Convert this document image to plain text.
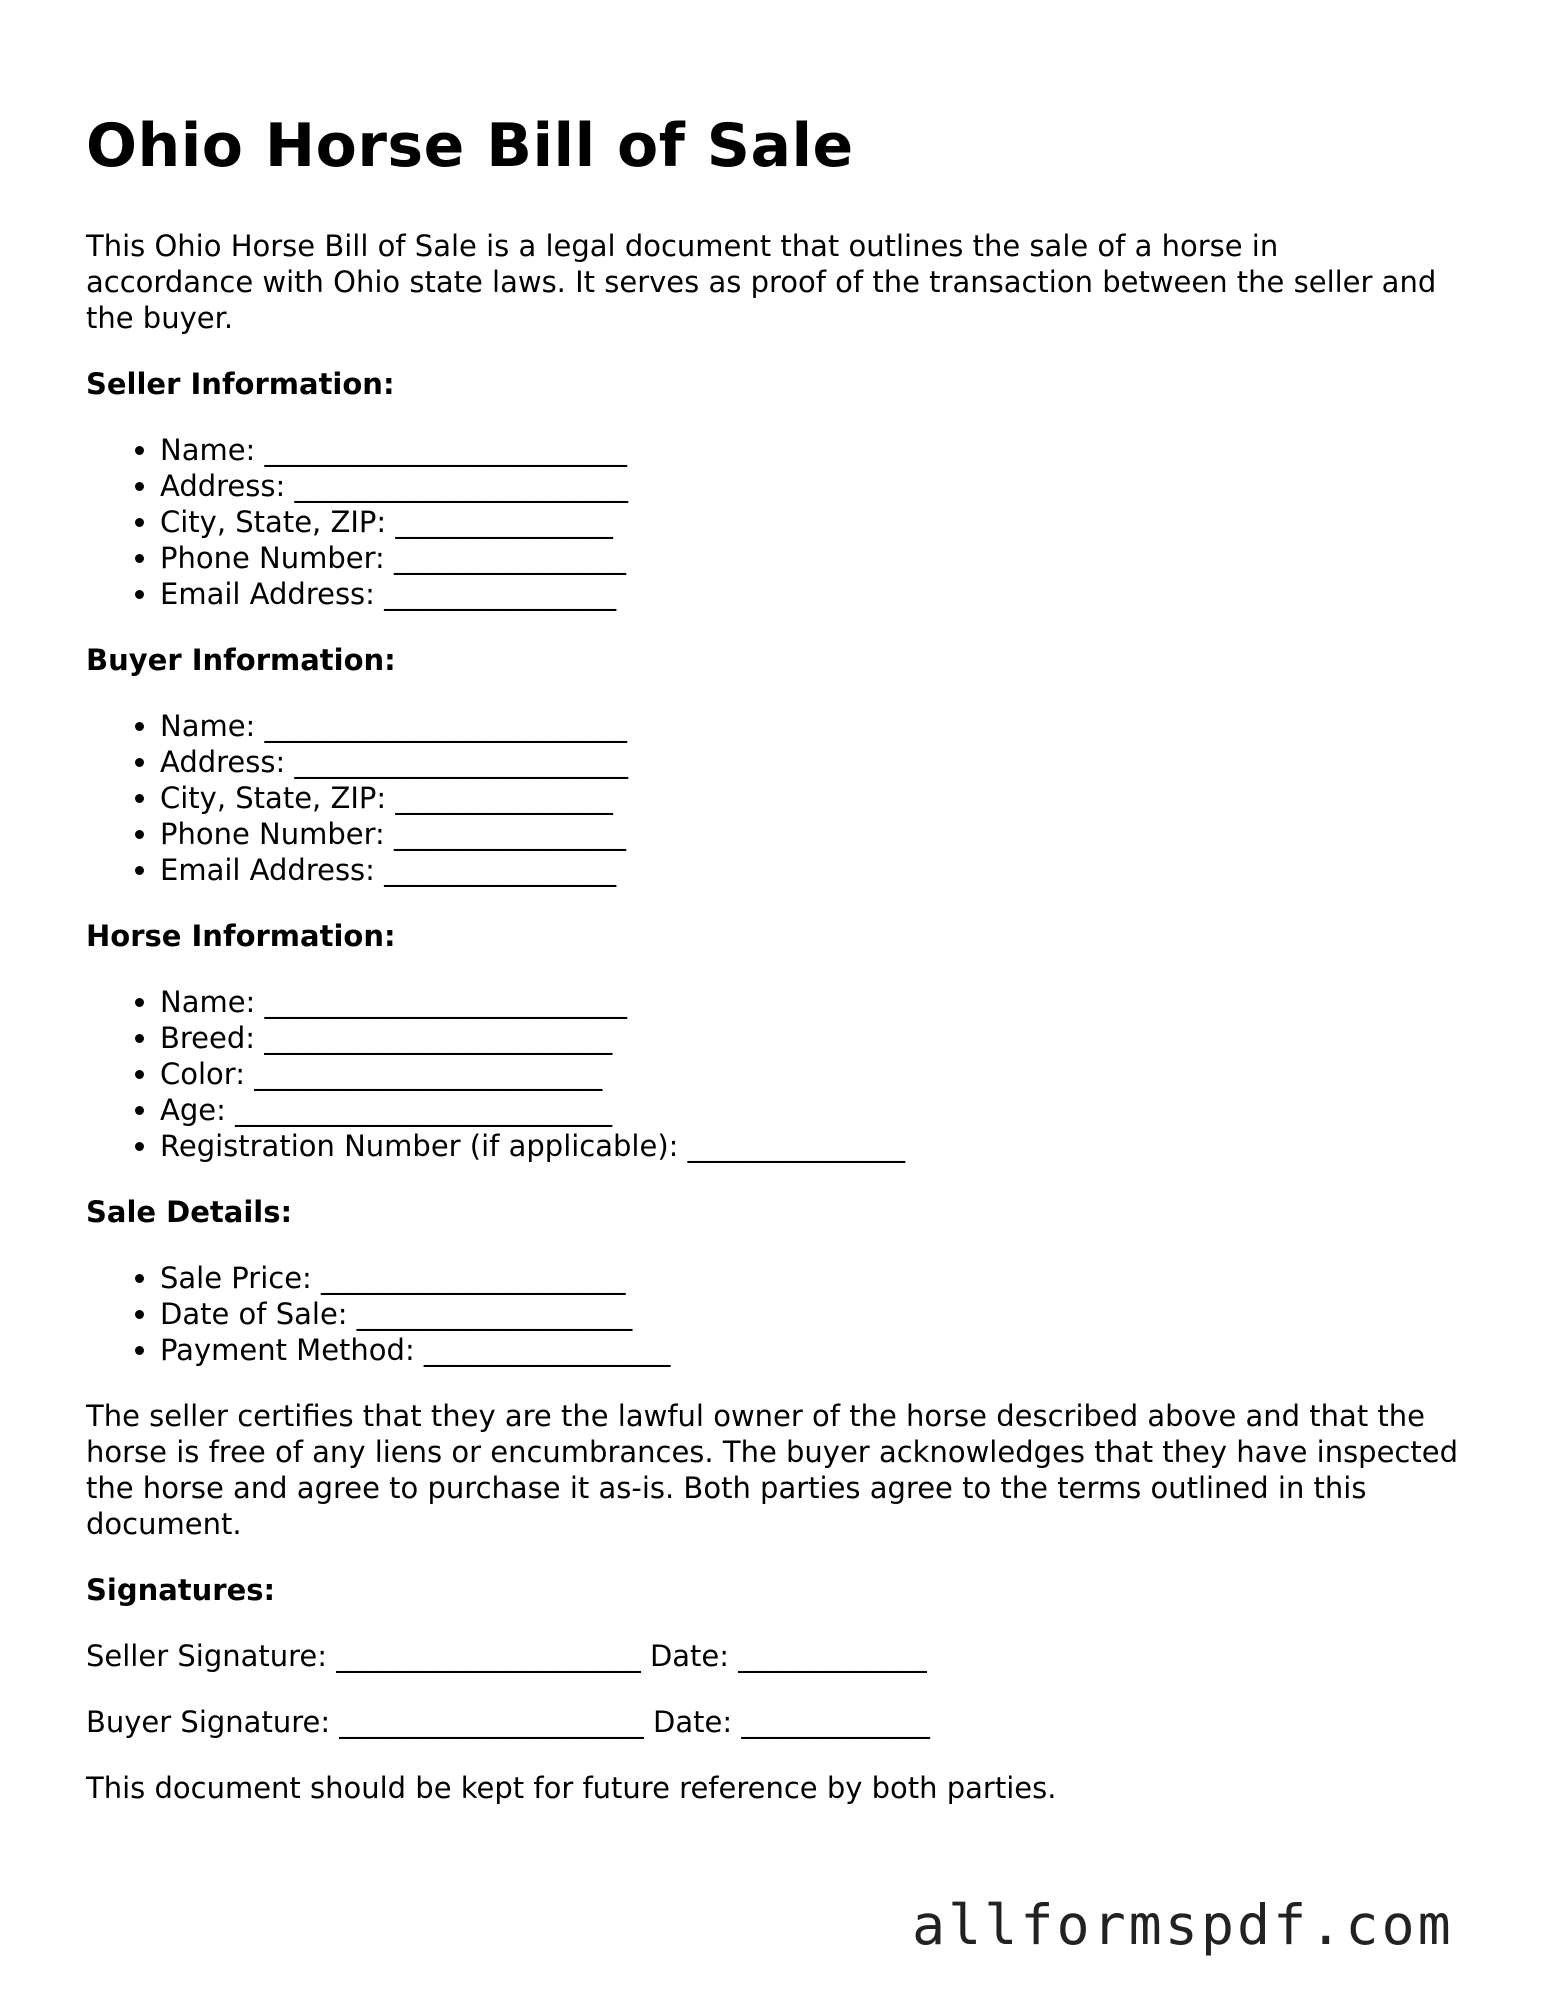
Ohio Horse Bill of Sale

This Ohio Horse Bill of Sale is a legal document that outlines the sale of a horse in accordance with Ohio state laws. It serves as proof of the transaction between the seller and the buyer.

Seller Information:

• Name: _________________________
• Address: _______________________
• City, State, ZIP: _______________
• Phone Number: ________________
• Email Address: ________________

Buyer Information:

• Name: _________________________
• Address: _______________________
• City, State, ZIP: _______________
• Phone Number: ________________
• Email Address: ________________

Horse Information:

• Name: _________________________
• Breed: ________________________
• Color: ________________________
• Age: __________________________
• Registration Number (if applicable): _______________

Sale Details:

• Sale Price: _____________________
• Date of Sale: ___________________
• Payment Method: _________________

The seller certifies that they are the lawful owner of the horse described above and that the horse is free of any liens or encumbrances. The buyer acknowledges that they have inspected the horse and agree to purchase it as-is. Both parties agree to the terms outlined in this document.

Signatures:

Seller Signature: _____________________ Date: _____________

Buyer Signature: _____________________ Date: _____________

This document should be kept for future reference by both parties.

allformspdf.com
